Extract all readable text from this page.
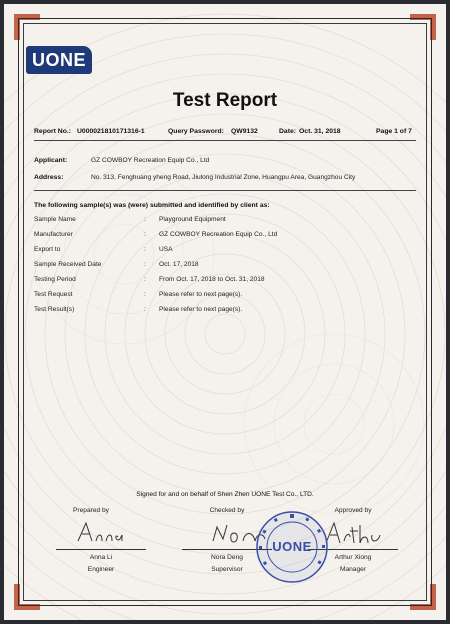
UONE
Test Report
Report No.: U000021810171316-1	Query Password: QW9132	Date: Oct. 31, 2018	Page 1 of 7
Applicant:	GZ COWBOY Recreation Equip Co., Ltd
Address:	No. 313, Fenghuang yheng Road, Jiulong Industrial Zone, Huangpu Area, Guangzhou City
The following sample(s) was (were) submitted and identified by client as:
Sample Name	: Playground Equipment
Manufacturer	: GZ COWBOY Recreation Equip Co., Ltd
Export to	: USA
Sample Received Date	: Oct. 17, 2018
Testing Period	: From Oct. 17, 2018 to Oct. 31, 2018
Test Request	: Please refer to next page(s).
Test Result(s)	: Please refer to next page(s).
Signed for and on behalf of Shen Zhen UONE Test Co., LTD.
Prepared by
Anna Li
Engineer
Checked by
Nora Deng
Supervisor
Approved by
Arthur Xiong
Manager
UONE
